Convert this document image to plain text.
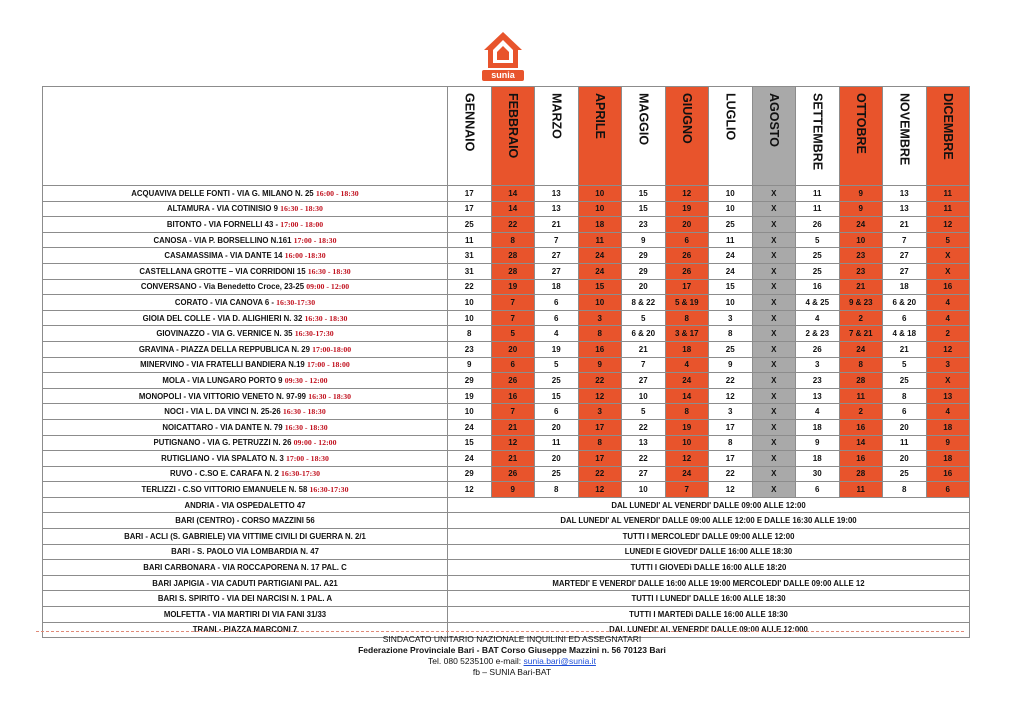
sunia

	GENNAIO	FEBBRAIO	MARZO	APRILE	MAGGIO	GIUGNO	LUGLIO	AGOSTO	SETTEMBRE	OTTOBRE	NOVEMBRE	DICEMBRE

ACQUAVIVA DELLE FONTI - VIA G. MILANO N. 25 16:00 - 18:30	17	14	13	10	15	12	10	X	11	9	13	11
ALTAMURA - VIA COTINISIO 9 16:30 - 18:30	17	14	13	10	15	19	10	X	11	9	13	11
BITONTO - VIA FORNELLI 43 - 17:00 - 18:00	25	22	21	18	23	20	25	X	26	24	21	12
CANOSA - VIA P. BORSELLINO N.161 17:00 - 18:30	11	8	7	11	9	6	11	X	5	10	7	5
CASAMASSIMA - VIA DANTE 14 16:00 -18:30	31	28	27	24	29	26	24	X	25	23	27	X
CASTELLANA GROTTE – VIA CORRIDONI 15 16:30 - 18:30	31	28	27	24	29	26	24	X	25	23	27	X
CONVERSANO - Via Benedetto Croce, 23-25 09:00 - 12:00	22	19	18	15	20	17	15	X	16	21	18	16
CORATO - VIA CANOVA 6 - 16:30-17:30	10	7	6	10	8 & 22	5 & 19	10	X	4 & 25	9 & 23	6 & 20	4
GIOIA DEL COLLE - VIA D. ALIGHIERI N. 32 16:30 - 18:30	10	7	6	3	5	8	3	X	4	2	6	4
GIOVINAZZO - VIA G. VERNICE N. 35 16:30-17:30	8	5	4	8	6 & 20	3 & 17	8	X	2 & 23	7 & 21	4 & 18	2
GRAVINA - PIAZZA DELLA REPPUBLICA N. 29 17:00-18:00	23	20	19	16	21	18	25	X	26	24	21	12
MINERVINO - VIA FRATELLI BANDIERA N.19 17:00 - 18:00	9	6	5	9	7	4	9	X	3	8	5	3
MOLA - VIA LUNGARO PORTO 9 09:30 - 12:00	29	26	25	22	27	24	22	X	23	28	25	X
MONOPOLI - VIA VITTORIO VENETO N. 97-99 16:30 - 18:30	19	16	15	12	10	14	12	X	13	11	8	13
NOCI - VIA L. DA VINCI N. 25-26 16:30 - 18:30	10	7	6	3	5	8	3	X	4	2	6	4
NOICATTARO - VIA DANTE N. 79 16:30 - 18:30	24	21	20	17	22	19	17	X	18	16	20	18
PUTIGNANO - VIA G. PETRUZZI N. 26 09:00 - 12:00	15	12	11	8	13	10	8	X	9	14	11	9
RUTIGLIANO - VIA SPALATO N. 3 17:00 - 18:30	24	21	20	17	22	12	17	X	18	16	20	18
RUVO - C.SO E. CARAFA N. 2 16:30-17:30	29	26	25	22	27	24	22	X	30	28	25	16
TERLIZZI - C.SO VITTORIO EMANUELE N. 58 16:30-17:30	12	9	8	12	10	7	12	X	6	11	8	6
ANDRIA - VIA OSPEDALETTO 47	DAL LUNEDI' AL VENERDI' DALLE 09:00 ALLE 12:00											
BARI (CENTRO) - CORSO MAZZINI 56	DAL LUNEDI' AL VENERDI' DALLE 09:00 ALLE 12:00 E DALLE 16:30 ALLE 19:00											
BARI - ACLI (S. GABRIELE) VIA VITTIME CIVILI DI GUERRA N. 2/1	TUTTI I MERCOLEDI' DALLE 09:00 ALLE 12:00											
BARI - S. PAOLO VIA LOMBARDIA N. 47	LUNEDI E GIOVEDI' DALLE 16:00 ALLE 18:30											
BARI CARBONARA - VIA ROCCAPORENA N. 17 PAL. C	TUTTI I GIOVEDì DALLE 16:00 ALLE 18:20											
BARI JAPIGIA - VIA CADUTI PARTIGIANI PAL. A21	MARTEDI' E VENERDI' DALLE 16:00 ALLE 19:00 MERCOLEDI' DALLE 09:00 ALLE 12											
BARI S. SPIRITO - VIA DEI NARCISI N. 1 PAL. A	TUTTI I LUNEDI' DALLE 16:00 ALLE 18:30											
MOLFETTA - VIA MARTIRI DI VIA FANI 31/33	TUTTI I MARTEDì DALLE 16:00 ALLE 18:30											
TRANI - PIAZZA MARCONI 7	DAL LUNEDI' AL VENERDI' DALLE 09:00 ALLE 12:000											
SINDACATO UNITARIO NAZIONALE INQUILINI ED ASSEGNATARI
Federazione Provinciale Bari - BAT Corso Giuseppe Mazzini n. 56 70123 Bari
Tel. 080 5235100 e-mail: sunia.bari@sunia.it
fb – SUNIA Bari-BAT
